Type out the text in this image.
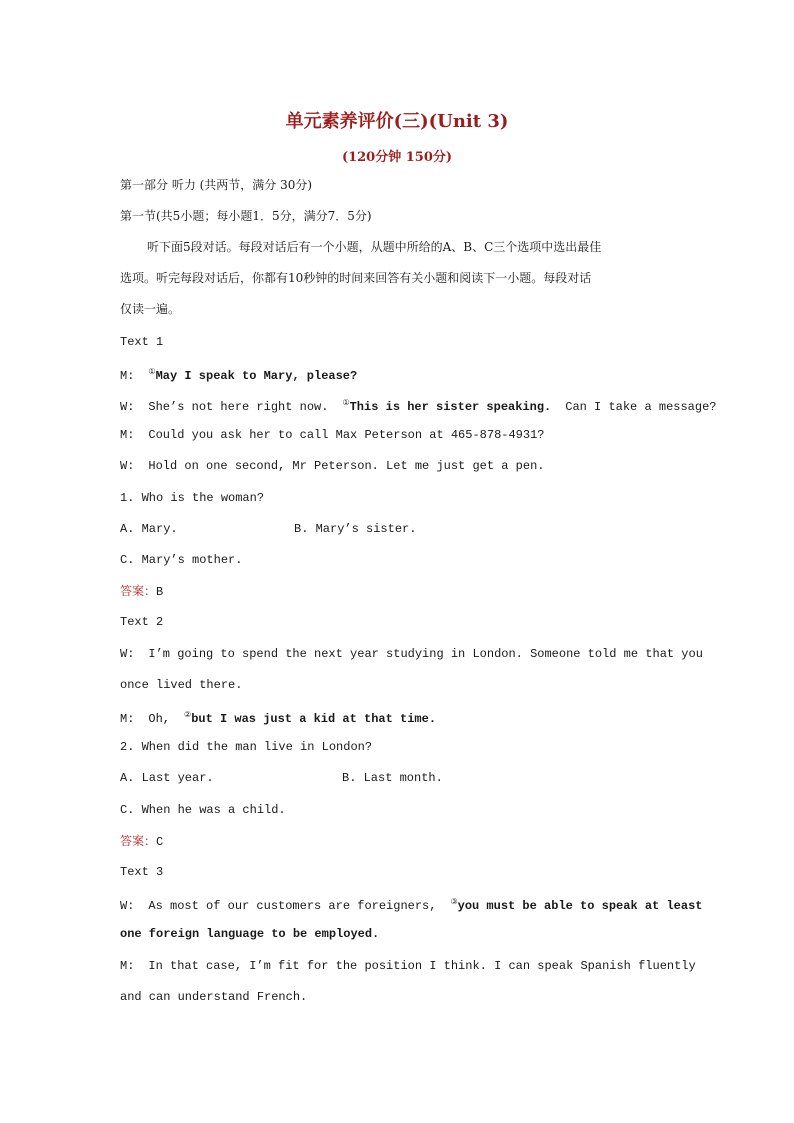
单元素养评价(三)(Unit 3)
(120分钟 150分)
第一部分 听力 (共两节，满分 30分)
第一节(共5小题；每小题1．5分，满分7．5分)
听下面5段对话。每段对话后有一个小题，从题中所给的A、B、C三个选项中选出最佳
选项。听完每段对话后，你都有10秒钟的时间来回答有关小题和阅读下一小题。每段对话
仅读一遍。
Text 1
M: ①May I speak to Mary, please?
W: She’s not here right now. ①This is her sister speaking. Can I take a message?
M: Could you ask her to call Max Peterson at 465-878-4931?
W: Hold on one second, Mr Peterson. Let me just get a pen.
1. Who is the woman?
A. Mary.	B. Mary’s sister.
C. Mary’s mother.
答案：B
Text 2
W: I’m going to spend the next year studying in London. Someone told me that you
once lived there.
M: Oh, ②but I was just a kid at that time.
2. When did the man live in London?
A. Last year.	B. Last month.
C. When he was a child.
答案：C
Text 3
W: As most of our customers are foreigners, ③you must be able to speak at least
one foreign language to be employed.
M: In that case, I’m fit for the position I think. I can speak Spanish fluently
and can understand French.
